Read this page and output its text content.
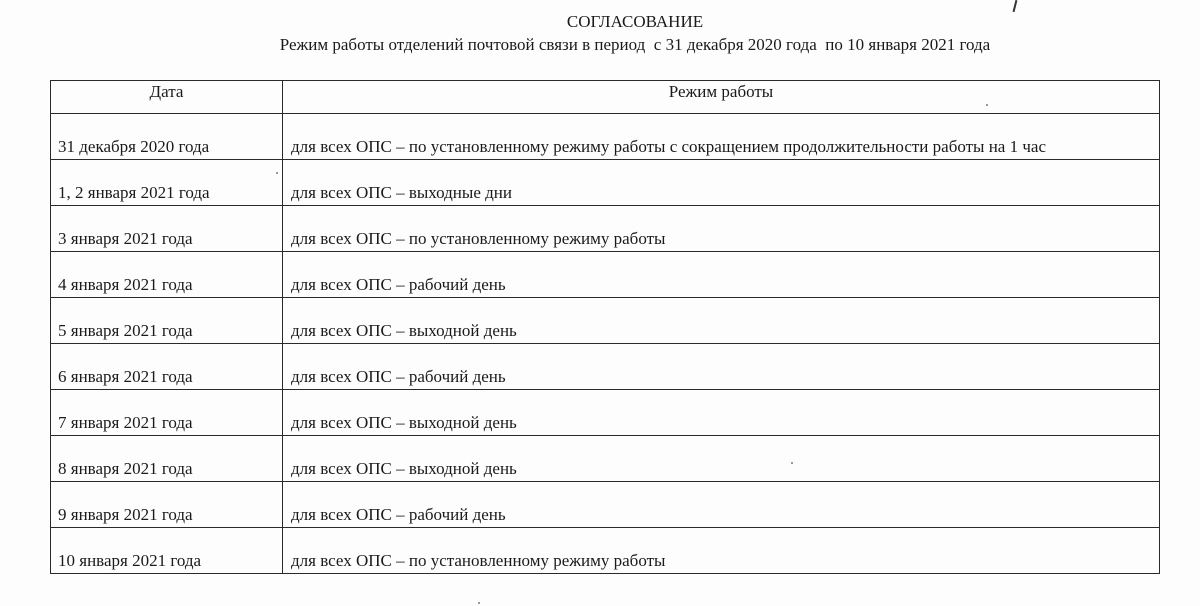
СОГЛАСОВАНИЕ

Режим работы отделений почтовой связи в период  с 31 декабря 2020 года  по 10 января 2021 года

Дата	Режим работы
31 декабря 2020 года	для всех ОПС – по установленному режиму работы с сокращением продолжительности работы на 1 час
1, 2 января 2021 года	для всех ОПС – выходные дни
3 января 2021 года	для всех ОПС – по установленному режиму работы
4 января 2021 года	для всех ОПС – рабочий день
5 января 2021 года	для всех ОПС – выходной день
6 января 2021 года	для всех ОПС – рабочий день
7 января 2021 года	для всех ОПС – выходной день
8 января 2021 года	для всех ОПС – выходной день
9 января 2021 года	для всех ОПС – рабочий день
10 января 2021 года	для всех ОПС – по установленному режиму работы
